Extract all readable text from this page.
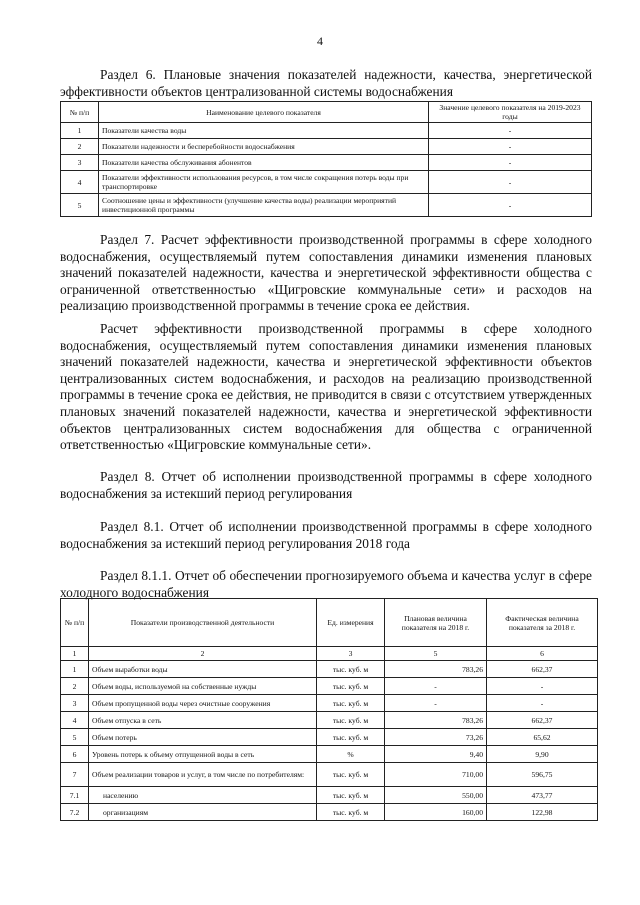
4
Раздел 6. Плановые значения показателей надежности, качества, энергетической эффективности объектов централизованной системы водоснабжения
№ п/п	Наименование целевого показателя	Значение целевого показателя на 2019-2023 годы
1	Показатели качества воды	-
2	Показатели надежности и бесперебойности водоснабжения	-
3	Показатели качества обслуживания абонентов	-
4	Показатели эффективности использования ресурсов, в том числе сокращения потерь воды при транспортировке	-
5	Соотношение цены и эффективности (улучшение качества воды) реализации мероприятий инвестиционной программы	-
Раздел 7. Расчет эффективности производственной программы в сфере холодного водоснабжения, осуществляемый путем сопоставления динамики изменения плановых значений показателей надежности, качества и энергетической эффективности общества с ограниченной ответственностью «Щигровские коммунальные сети» и расходов на реализацию производственной программы в течение срока ее действия.
Расчет эффективности производственной программы в сфере холодного водоснабжения, осуществляемый путем сопоставления динамики изменения плановых значений показателей надежности, качества и энергетической эффективности объектов централизованных систем водоснабжения, и расходов на реализацию производственной программы в течение срока ее действия, не приводится в связи с отсутствием утвержденных плановых значений показателей надежности, качества и энергетической эффективности объектов централизованных систем водоснабжения для общества с ограниченной ответственностью «Щигровские коммунальные сети».
Раздел 8. Отчет об исполнении производственной программы в сфере холодного водоснабжения за истекший период регулирования
Раздел 8.1. Отчет об исполнении производственной программы в сфере холодного водоснабжения за истекший период регулирования 2018 года
Раздел 8.1.1. Отчет об обеспечении прогнозируемого объема и качества услуг в сфере холодного водоснабжения
№ п/п	Показатели производственной деятельности	Ед. измерения	Плановая величина показателя на 2018 г.	Фактическая величина показателя за 2018 г.
1	2	3	5	6
1	Объем выработки воды	тыс. куб. м	783,26	662,37
2	Объем воды, используемой на собственные нужды	тыс. куб. м	-	-
3	Объем пропущенной воды через очистные сооружения	тыс. куб. м	-	-
4	Объем отпуска в сеть	тыс. куб. м	783,26	662,37
5	Объем потерь	тыс. куб. м	73,26	65,62
6	Уровень потерь к объему отпущенной воды в сеть	%	9,40	9,90
7	Объем реализации товаров и услуг, в том числе по потребителям:	тыс. куб. м	710,00	596,75
7.1	населению	тыс. куб. м	550,00	473,77
7.2	организациям	тыс. куб. м	160,00	122,98
